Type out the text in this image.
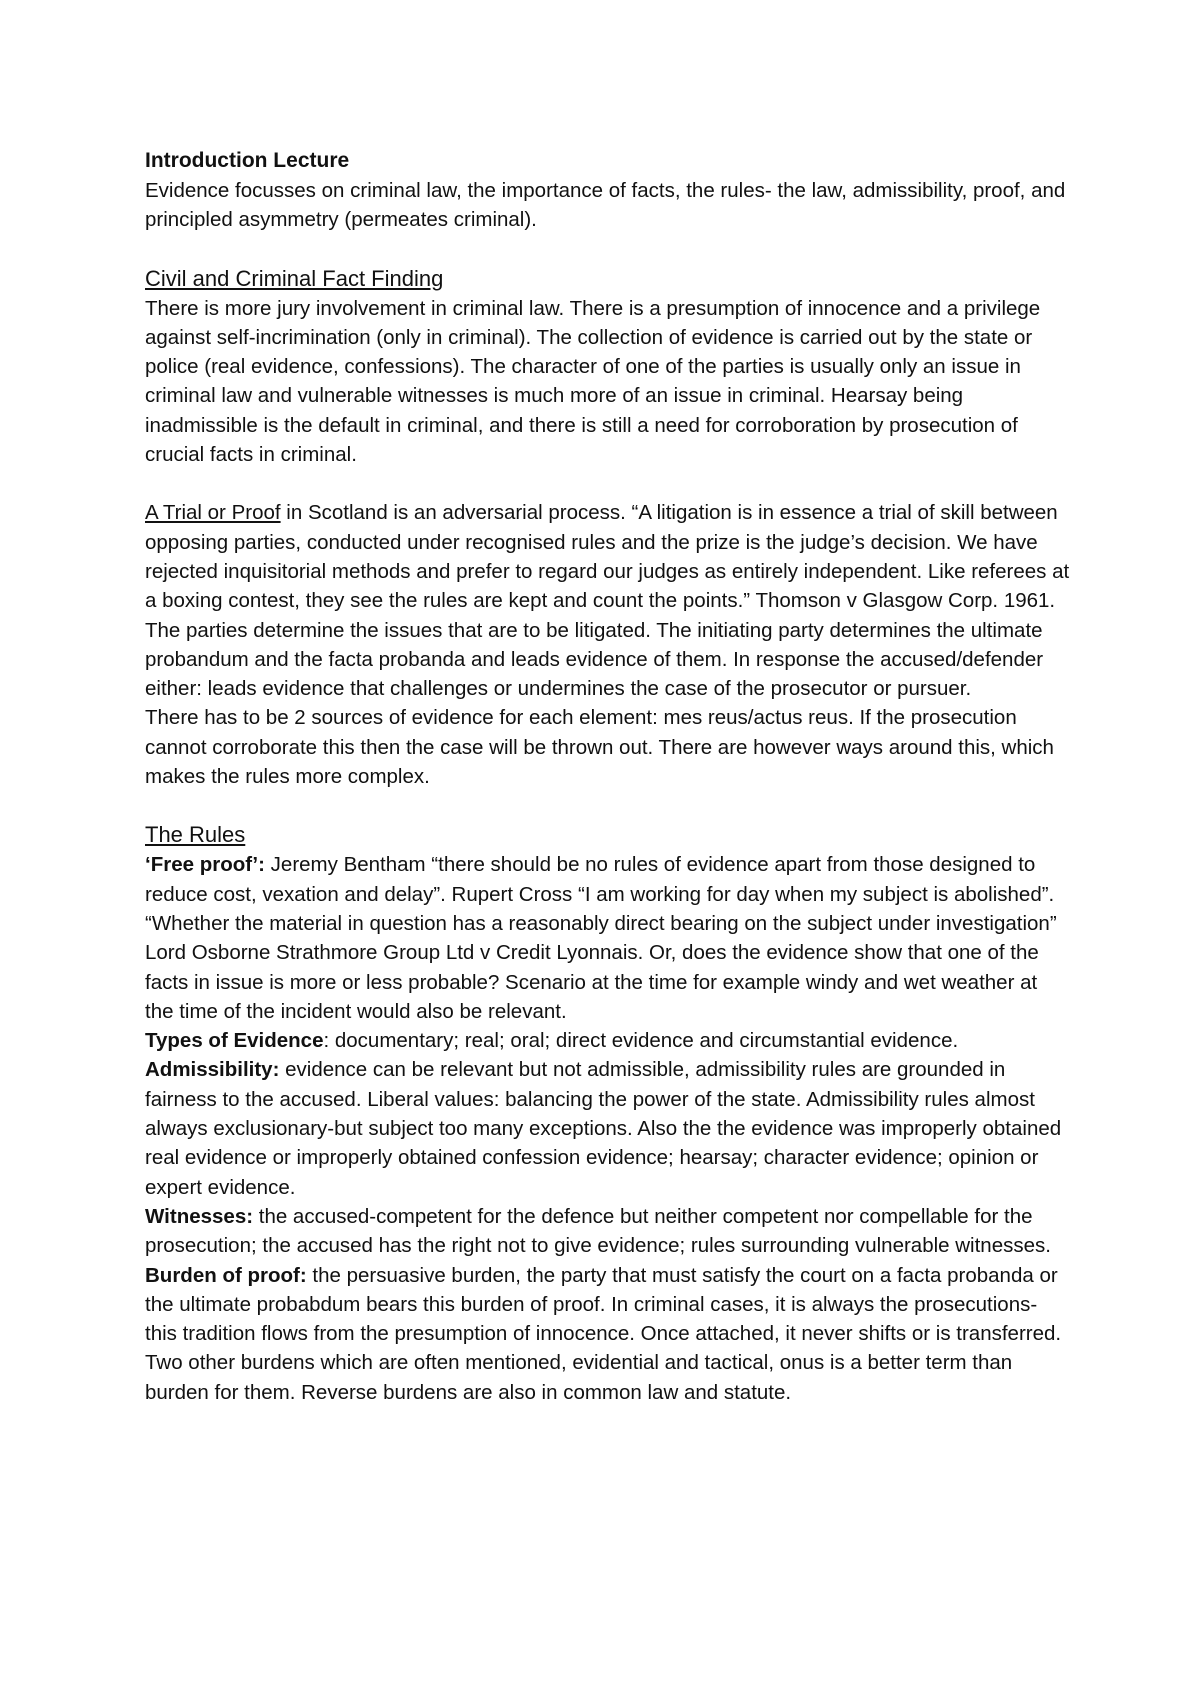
Introduction Lecture

Evidence focusses on criminal law, the importance of facts, the rules- the law, admissibility, proof, and principled asymmetry (permeates criminal).

Civil and Criminal Fact Finding

There is more jury involvement in criminal law. There is a presumption of innocence and a privilege against self-incrimination (only in criminal). The collection of evidence is carried out by the state or police (real evidence, confessions). The character of one of the parties is usually only an issue in criminal law and vulnerable witnesses is much more of an issue in criminal. Hearsay being inadmissible is the default in criminal, and there is still a need for corroboration by prosecution of crucial facts in criminal.

A Trial or Proof in Scotland is an adversarial process. “A litigation is in essence a trial of skill between opposing parties, conducted under recognised rules and the prize is the judge’s decision. We have rejected inquisitorial methods and prefer to regard our judges as entirely independent. Like referees at a boxing contest, they see the rules are kept and count the points.” Thomson v Glasgow Corp. 1961. The parties determine the issues that are to be litigated. The initiating party determines the ultimate probandum and the facta probanda and leads evidence of them. In response the accused/defender either: leads evidence that challenges or undermines the case of the prosecutor or pursuer.

There has to be 2 sources of evidence for each element: mes reus/actus reus. If the prosecution cannot corroborate this then the case will be thrown out. There are however ways around this, which makes the rules more complex.

The Rules

‘Free proof’: Jeremy Bentham “there should be no rules of evidence apart from those designed to reduce cost, vexation and delay”. Rupert Cross “I am working for day when my subject is abolished”. “Whether the material in question has a reasonably direct bearing on the subject under investigation” Lord Osborne Strathmore Group Ltd v Credit Lyonnais. Or, does the evidence show that one of the facts in issue is more or less probable? Scenario at the time for example windy and wet weather at the time of the incident would also be relevant.

Types of Evidence: documentary; real; oral; direct evidence and circumstantial evidence.

Admissibility: evidence can be relevant but not admissible, admissibility rules are grounded in fairness to the accused. Liberal values: balancing the power of the state. Admissibility rules almost always exclusionary-but subject too many exceptions. Also the the evidence was improperly obtained real evidence or improperly obtained confession evidence; hearsay; character evidence; opinion or expert evidence.

Witnesses: the accused-competent for the defence but neither competent nor compellable for the prosecution; the accused has the right not to give evidence; rules surrounding vulnerable witnesses.

Burden of proof: the persuasive burden, the party that must satisfy the court on a facta probanda or the ultimate probabdum bears this burden of proof. In criminal cases, it is always the prosecutions- this tradition flows from the presumption of innocence. Once attached, it never shifts or is transferred. Two other burdens which are often mentioned, evidential and tactical, onus is a better term than burden for them. Reverse burdens are also in common law and statute.
